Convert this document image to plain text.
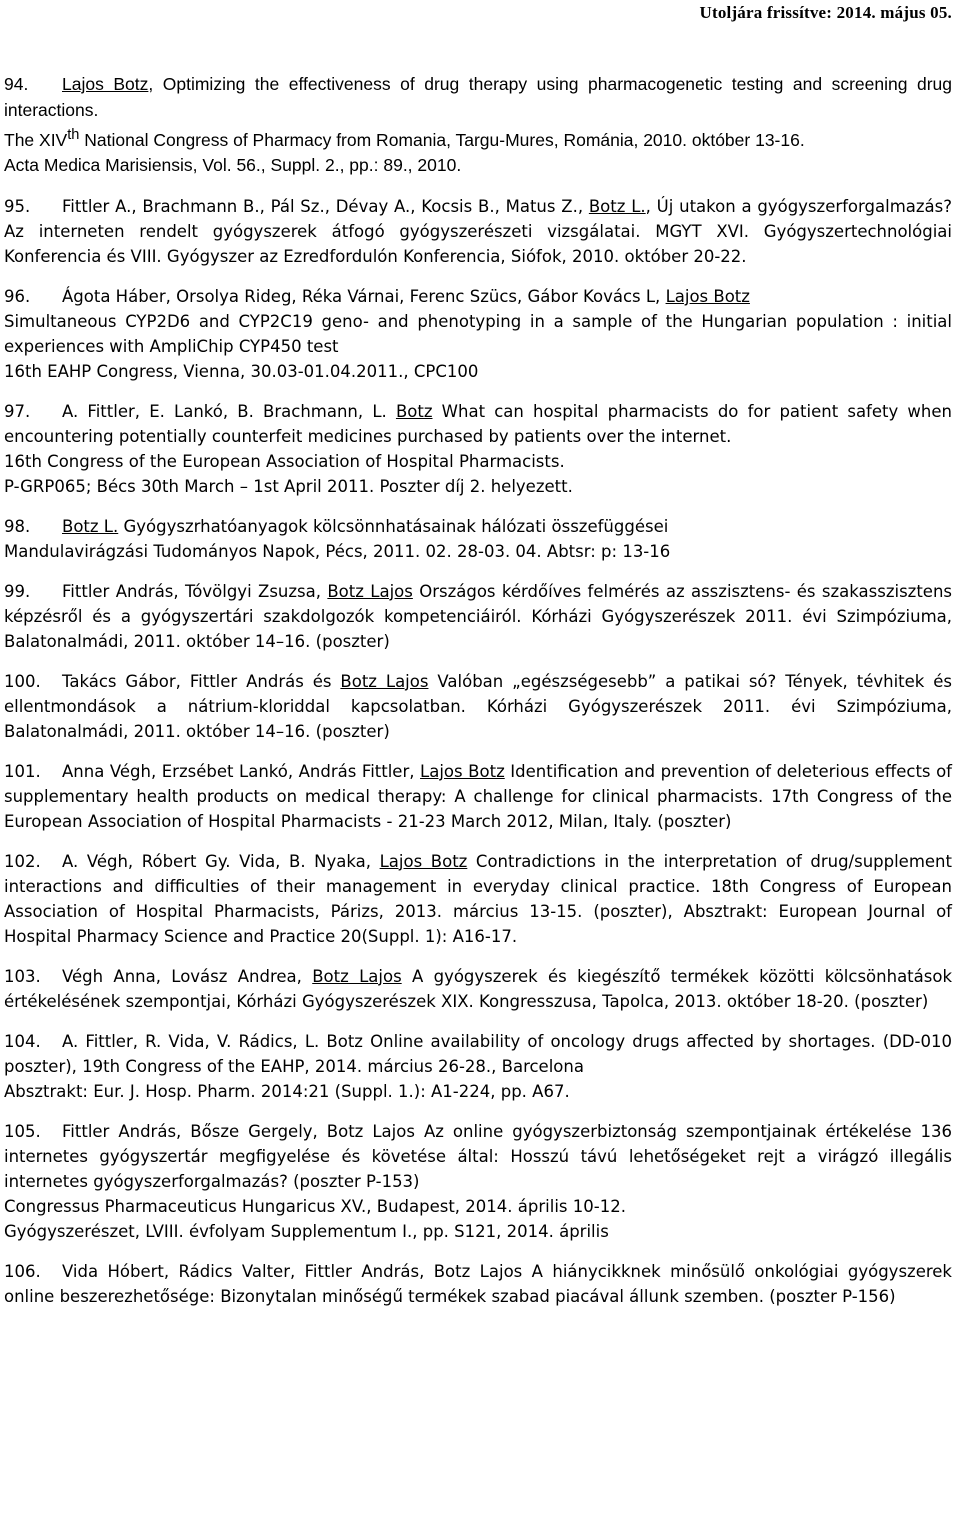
Utoljára frissítve: 2014. május 05.

94. Lajos Botz, Optimizing the effectiveness of drug therapy using pharmacogenetic testing and screening drug interactions.

The XIVth National Congress of Pharmacy from Romania, Targu-Mures, Románia, 2010. október 13-16.

Acta Medica Marisiensis, Vol. 56., Suppl. 2., pp.: 89., 2010.

95. Fittler A., Brachmann B., Pál Sz., Dévay A., Kocsis B., Matus Z., Botz L., Új utakon a gyógyszerforgalmazás? Az interneten rendelt gyógyszerek átfogó gyógyszerészeti vizsgálatai. MGYT XVI. Gyógyszertechnológiai Konferencia és VIII. Gyógyszer az Ezredfordulón Konferencia, Siófok, 2010. október 20-22.

96. Ágota Háber, Orsolya Rideg, Réka Várnai, Ferenc Szücs, Gábor Kovács L, Lajos Botz

Simultaneous CYP2D6 and CYP2C19 geno- and phenotyping in a sample of the Hungarian population : initial experiences with AmpliChip CYP450 test

16th EAHP Congress, Vienna, 30.03-01.04.2011., CPC100

97. A. Fittler, E. Lankó, B. Brachmann, L. Botz What can hospital pharmacists do for patient safety when encountering potentially counterfeit medicines purchased by patients over the internet.

16th Congress of the European Association of Hospital Pharmacists.

P-GRP065; Bécs 30th March – 1st April 2011. Poszter díj 2. helyezett.

98. Botz L. Gyógyszrhatóanyagok kölcsönnhatásainak hálózati összefüggései

Mandulavirágzási Tudományos Napok, Pécs, 2011. 02. 28-03. 04. Abtsr: p: 13-16

99. Fittler András, Tóvölgyi Zsuzsa, Botz Lajos Országos kérdőíves felmérés az asszisztens- és szakasszisztens képzésről és a gyógyszertári szakdolgozók kompetenciáiról. Kórházi Gyógyszerészek 2011. évi Szimpóziuma, Balatonalmádi, 2011. október 14–16. (poszter)

100. Takács Gábor, Fittler András és Botz Lajos Valóban „egészségesebb” a patikai só? Tények, tévhitek és ellentmondások a nátrium-kloriddal kapcsolatban. Kórházi Gyógyszerészek 2011. évi Szimpóziuma, Balatonalmádi, 2011. október 14–16. (poszter)

101. Anna Végh, Erzsébet Lankó, András Fittler, Lajos Botz Identification and prevention of deleterious effects of supplementary health products on medical therapy: A challenge for clinical pharmacists. 17th Congress of the European Association of Hospital Pharmacists - 21-23 March 2012, Milan, Italy. (poszter)

102. A. Végh, Róbert Gy. Vida, B. Nyaka, Lajos Botz Contradictions in the interpretation of drug/supplement interactions and difficulties of their management in everyday clinical practice. 18th Congress of European Association of Hospital Pharmacists, Párizs, 2013. március 13-15. (poszter), Absztrakt: European Journal of Hospital Pharmacy Science and Practice 20(Suppl. 1): A16-17.

103. Végh Anna, Lovász Andrea, Botz Lajos A gyógyszerek és kiegészítő termékek közötti kölcsönhatások értékelésének szempontjai, Kórházi Gyógyszerészek XIX. Kongresszusa, Tapolca, 2013. október 18-20. (poszter)

104. A. Fittler, R. Vida, V. Rádics, L. Botz Online availability of oncology drugs affected by shortages. (DD-010 poszter), 19th Congress of the EAHP, 2014. március 26-28., Barcelona

Absztrakt: Eur. J. Hosp. Pharm. 2014:21 (Suppl. 1.): A1-224, pp. A67.

105. Fittler András, Bősze Gergely, Botz Lajos Az online gyógyszerbiztonság szempontjainak értékelése 136 internetes gyógyszertár megfigyelése és követése által: Hosszú távú lehetőségeket rejt a virágzó illegális internetes gyógyszerforgalmazás? (poszter P-153)

Congressus Pharmaceuticus Hungaricus XV., Budapest, 2014. április 10-12.

Gyógyszerészet, LVIII. évfolyam Supplementum I., pp. S121, 2014. április

106. Vida Hóbert, Rádics Valter, Fittler András, Botz Lajos A hiánycikknek minősülő onkológiai gyógyszerek online beszerezhetősége: Bizonytalan minőségű termékek szabad piacával állunk szemben. (poszter P-156)
